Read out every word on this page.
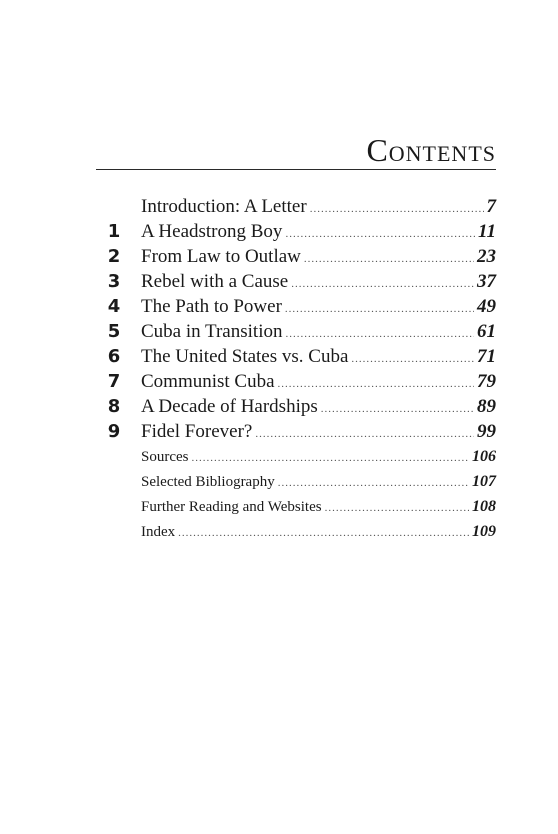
Contents
Introduction: A Letter .....	7
1	A Headstrong Boy .....	11
2	From Law to Outlaw .....	23
3	Rebel with a Cause .....	37
4	The Path to Power .....	49
5	Cuba in Transition .....	61
6	The United States vs. Cuba .....	71
7	Communist Cuba .....	79
8	A Decade of Hardships .....	89
9	Fidel Forever? .....	99
Sources .....	106
Selected Bibliography .....	107
Further Reading and Websites .....	108
Index .....	109
